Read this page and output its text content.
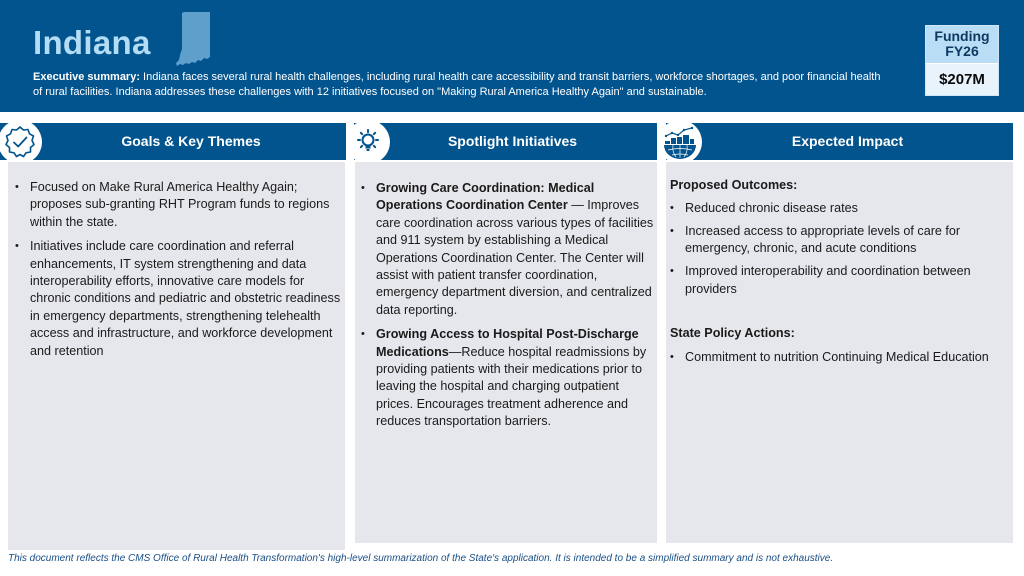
Indiana
Executive summary: Indiana faces several rural health challenges, including rural health care accessibility and transit barriers, workforce shortages, and poor financial health of rural facilities. Indiana addresses these challenges with 12 initiatives focused on "Making Rural America Healthy Again" and sustainable.
Funding
FY26
$207M
Goals & Key Themes
• Focused on Make Rural America Healthy Again; proposes sub-granting RHT Program funds to regions within the state.
• Initiatives include care coordination and referral enhancements, IT system strengthening and data interoperability efforts, innovative care models for chronic conditions and pediatric and obstetric readiness in emergency departments, strengthening telehealth access and infrastructure, and workforce development and retention
Spotlight Initiatives
• Growing Care Coordination: Medical Operations Coordination Center — Improves care coordination across various types of facilities and 911 system by establishing a Medical Operations Coordination Center. The Center will assist with patient transfer coordination, emergency department diversion, and centralized data reporting.
• Growing Access to Hospital Post-Discharge Medications—Reduce hospital readmissions by providing patients with their medications prior to leaving the hospital and charging outpatient prices. Encourages treatment adherence and reduces transportation barriers.
Expected Impact
Proposed Outcomes:
• Reduced chronic disease rates
• Increased access to appropriate levels of care for emergency, chronic, and acute conditions
• Improved interoperability and coordination between providers
State Policy Actions:
• Commitment to nutrition Continuing Medical Education
This document reflects the CMS Office of Rural Health Transformation's high-level summarization of the State's application. It is intended to be a simplified summary and is not exhaustive.
